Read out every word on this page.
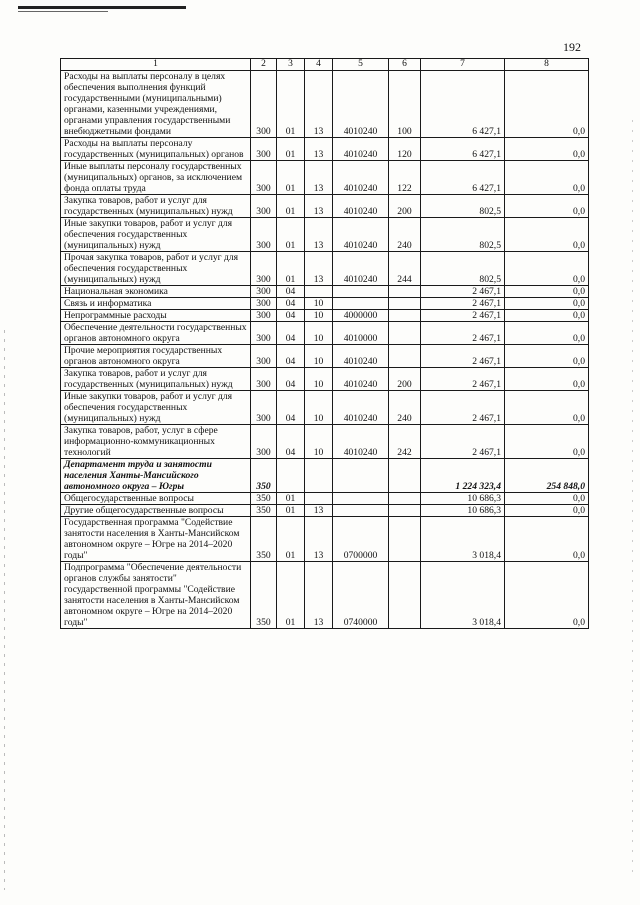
192
1	2	3	4	5	6	7	8
Расходы на выплаты персоналу в целях обеспечения выполнения функций государственными (муниципальными) органами, казенными учреждениями, органами управления государственными внебюджетными фондами	300	01	13	4010240	100	6 427,1	0,0
Расходы на выплаты персоналу государственных (муниципальных) органов	300	01	13	4010240	120	6 427,1	0,0
Иные выплаты персоналу государственных (муниципальных) органов, за исключением фонда оплаты труда	300	01	13	4010240	122	6 427,1	0,0
Закупка товаров, работ и услуг для государственных (муниципальных) нужд	300	01	13	4010240	200	802,5	0,0
Иные закупки товаров, работ и услуг для обеспечения государственных (муниципальных) нужд	300	01	13	4010240	240	802,5	0,0
Прочая закупка товаров, работ и услуг для обеспечения государственных (муниципальных) нужд	300	01	13	4010240	244	802,5	0,0
Национальная экономика	300	04				2 467,1	0,0
Связь и информатика	300	04	10			2 467,1	0,0
Непрограммные расходы	300	04	10	4000000		2 467,1	0,0
Обеспечение деятельности государственных органов автономного округа	300	04	10	4010000		2 467,1	0,0
Прочие мероприятия государственных органов автономного округа	300	04	10	4010240		2 467,1	0,0
Закупка товаров, работ и услуг для государственных (муниципальных) нужд	300	04	10	4010240	200	2 467,1	0,0
Иные закупки товаров, работ и услуг для обеспечения государственных (муниципальных) нужд	300	04	10	4010240	240	2 467,1	0,0
Закупка товаров, работ, услуг в сфере информационно-коммуникационных технологий	300	04	10	4010240	242	2 467,1	0,0
Департамент труда и занятости населения Ханты-Мансийского автономного округа – Югры	350					1 224 323,4	254 848,0
Общегосударственные вопросы	350	01				10 686,3	0,0
Другие общегосударственные вопросы	350	01	13			10 686,3	0,0
Государственная программа "Содействие занятости населения в Ханты-Мансийском автономном округе – Югре на 2014–2020 годы"	350	01	13	0700000		3 018,4	0,0
Подпрограмма "Обеспечение деятельности органов службы занятости" государственной программы "Содействие занятости населения в Ханты-Мансийском автономном округе – Югре на 2014–2020 годы"	350	01	13	0740000		3 018,4	0,0
